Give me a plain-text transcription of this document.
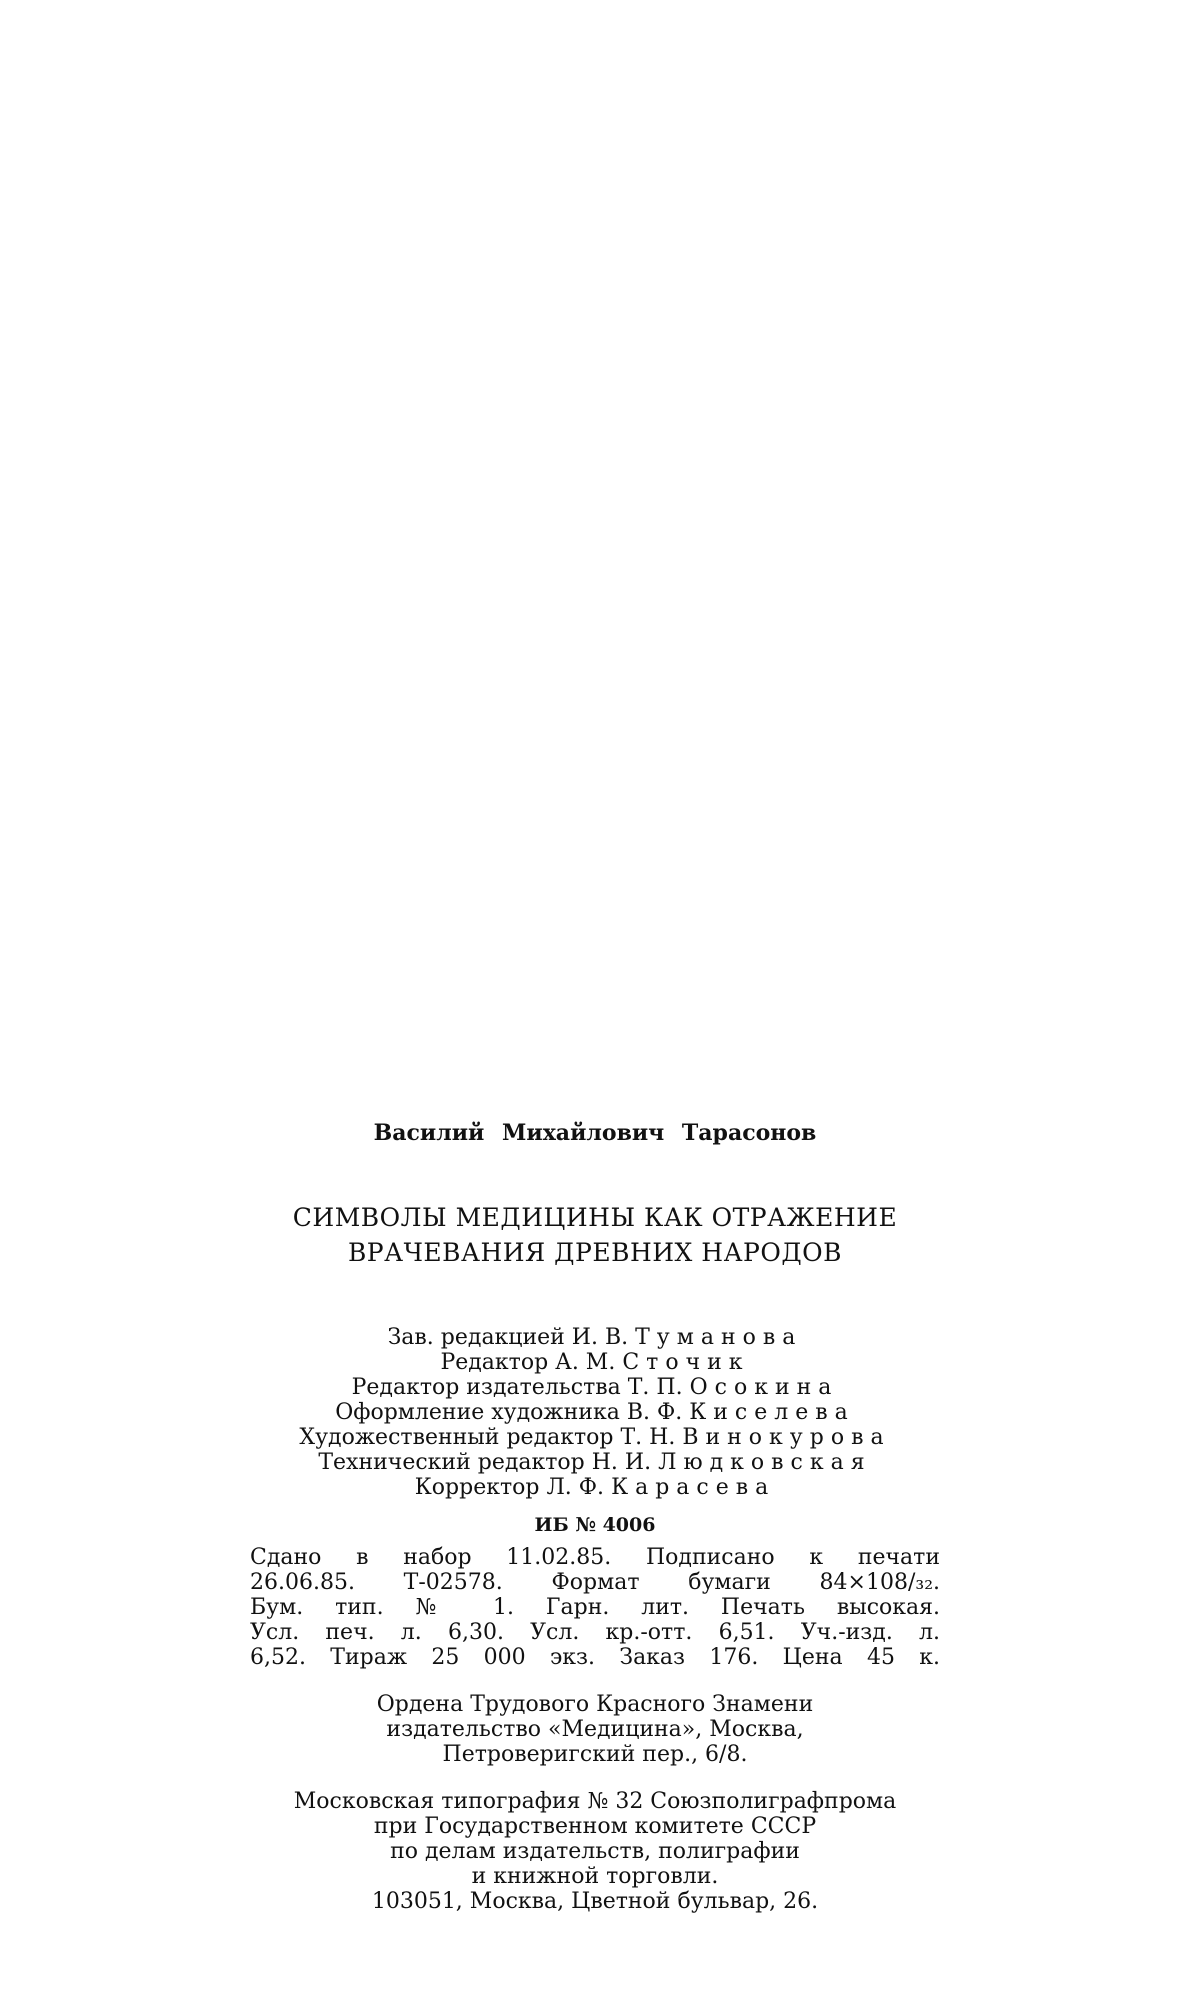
Василий Михайлович Тарасонов
СИМВОЛЫ МЕДИЦИНЫ КАК ОТРАЖЕНИЕ
ВРАЧЕВАНИЯ ДРЕВНИХ НАРОДОВ
Зав. редакцией И. В. Туманова
Редактор А. М. Сточик
Редактор издательства Т. П. Осокина
Оформление художника В. Ф. Киселева
Художественный редактор Т. Н. Винокурова
Технический редактор Н. И. Людковская
Корректор Л. Ф. Карасева
ИБ № 4006
Сдано в набор 11.02.85. Подписано к печати
26.06.85. Т-02578. Формат бумаги 84×108/₃₂.
Бум. тип. № 1. Гарн. лит. Печать высокая.
Усл. печ. л. 6,30. Усл. кр.-отт. 6,51. Уч.-изд. л.
6,52. Тираж 25 000 экз. Заказ 176. Цена 45 к.
Ордена Трудового Красного Знамени
издательство «Медицина», Москва,
Петроверигский пер., 6/8.
Московская типография № 32 Союзполиграфпрома
при Государственном комитете СССР
по делам издательств, полиграфии
и книжной торговли.
103051, Москва, Цветной бульвар, 26.
